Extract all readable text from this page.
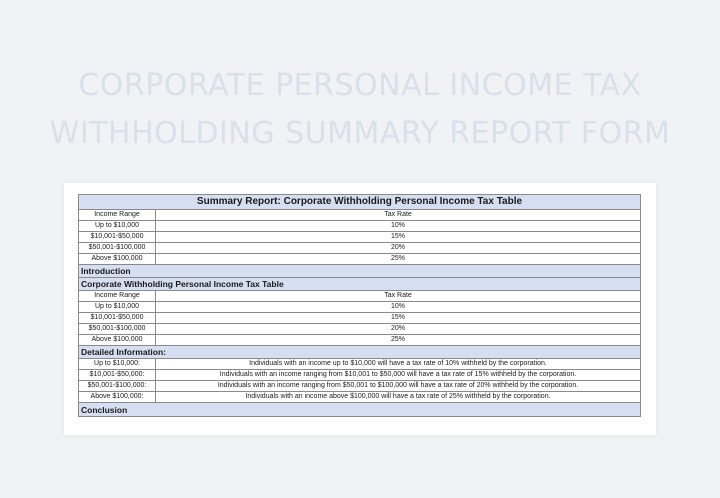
CORPORATE PERSONAL INCOME TAX
WITHHOLDING SUMMARY REPORT FORM
Summary Report: Corporate Withholding Personal Income Tax Table	
Income Range	Tax Rate
Up to $10,000	10%
$10,001-$50,000	15%
$50,001-$100,000	20%
Above $100,000	25%
Introduction	
Corporate Withholding Personal Income Tax Table	
Income Range	Tax Rate
Up to $10,000	10%
$10,001-$50,000	15%
$50,001-$100,000	20%
Above $100,000	25%
Detailed Information:	
Up to $10,000:	Individuals with an income up to $10,000 will have a tax rate of 10% withheld by the corporation.
$10,001-$50,000:	Individuals with an income ranging from $10,001 to $50,000 will have a tax rate of 15% withheld by the corporation.
$50,001-$100,000:	Individuals with an income ranging from $50,001 to $100,000 will have a tax rate of 20% withheld by the corporation.
Above $100,000:	Individuals with an income above $100,000 will have a tax rate of 25% withheld by the corporation.
Conclusion	
